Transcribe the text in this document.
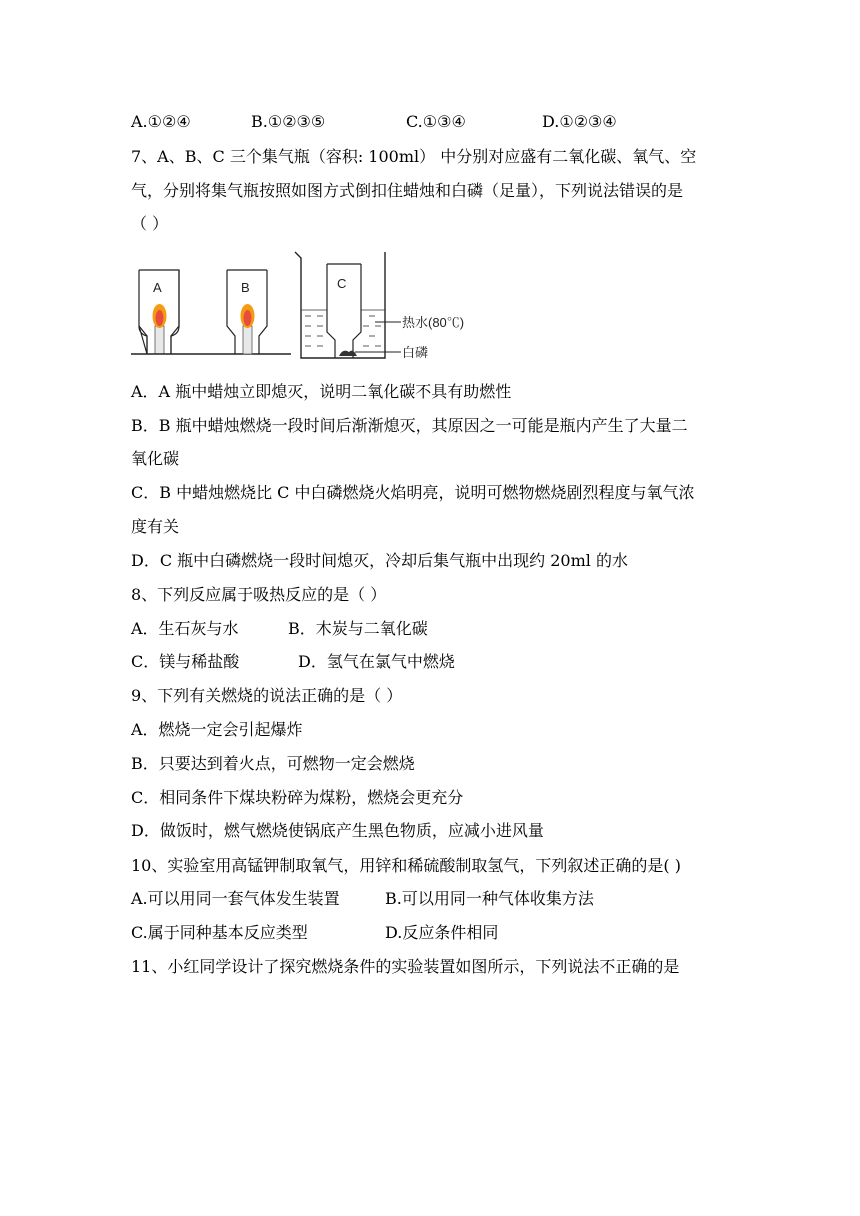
A.①②④	B.①②③⑤	C.①③④	D.①②③④
7、A、B、C 三个集气瓶（容积: 100ml） 中分别对应盛有二氧化碳、氧气、空
气，分别将集气瓶按照如图方式倒扣住蜡烛和白磷（足量），下列说法错误的是
（ ）
A	B	C
热水(80℃)
白磷
A．A 瓶中蜡烛立即熄灭，说明二氧化碳不具有助燃性
B．B 瓶中蜡烛燃烧一段时间后渐渐熄灭，其原因之一可能是瓶内产生了大量二
氧化碳
C．B 中蜡烛燃烧比 C 中白磷燃烧火焰明亮，说明可燃物燃烧剧烈程度与氧气浓
度有关
D．C 瓶中白磷燃烧一段时间熄灭，冷却后集气瓶中出现约 20ml 的水
8、下列反应属于吸热反应的是（ ）
A．生石灰与水	B．木炭与二氧化碳
C．镁与稀盐酸	D．氢气在氯气中燃烧
9、下列有关燃烧的说法正确的是（ ）
A．燃烧一定会引起爆炸
B．只要达到着火点，可燃物一定会燃烧
C．相同条件下煤块粉碎为煤粉，燃烧会更充分
D．做饭时，燃气燃烧使锅底产生黑色物质，应减小进风量
10、实验室用高锰钾制取氧气，用锌和稀硫酸制取氢气，下列叙述正确的是( )
A.可以用同一套气体发生装置	B.可以用同一种气体收集方法
C.属于同种基本反应类型	D.反应条件相同
11、小红同学设计了探究燃烧条件的实验装置如图所示，下列说法不正确的是
